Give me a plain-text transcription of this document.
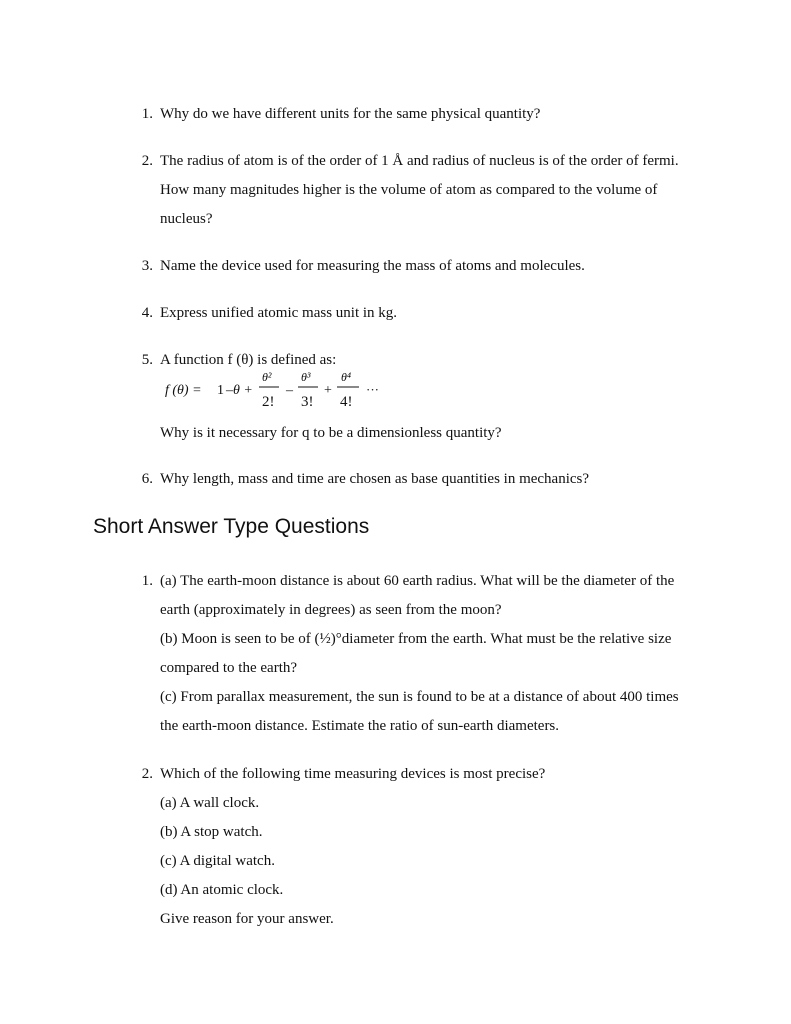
1. Why do we have different units for the same physical quantity?
2. The radius of atom is of the order of 1 Å and radius of nucleus is of the order of fermi.
How many magnitudes higher is the volume of atom as compared to the volume of
nucleus?
3. Name the device used for measuring the mass of atoms and molecules.
4. Express unified atomic mass unit in kg.
5. A function f (θ) is defined as:
f (θ) = 1 –θ +
θ²
2!
–
θ³
3!
+
θ⁴
4!
···
Why is it necessary for q to be a dimensionless quantity?
6. Why length, mass and time are chosen as base quantities in mechanics?
Short Answer Type Questions
1. (a) The earth-moon distance is about 60 earth radius. What will be the diameter of the
earth (approximately in degrees) as seen from the moon?
(b) Moon is seen to be of (½)°diameter from the earth. What must be the relative size
compared to the earth?
(c) From parallax measurement, the sun is found to be at a distance of about 400 times
the earth-moon distance. Estimate the ratio of sun-earth diameters.
2. Which of the following time measuring devices is most precise?
(a) A wall clock.
(b) A stop watch.
(c) A digital watch.
(d) An atomic clock.
Give reason for your answer.
